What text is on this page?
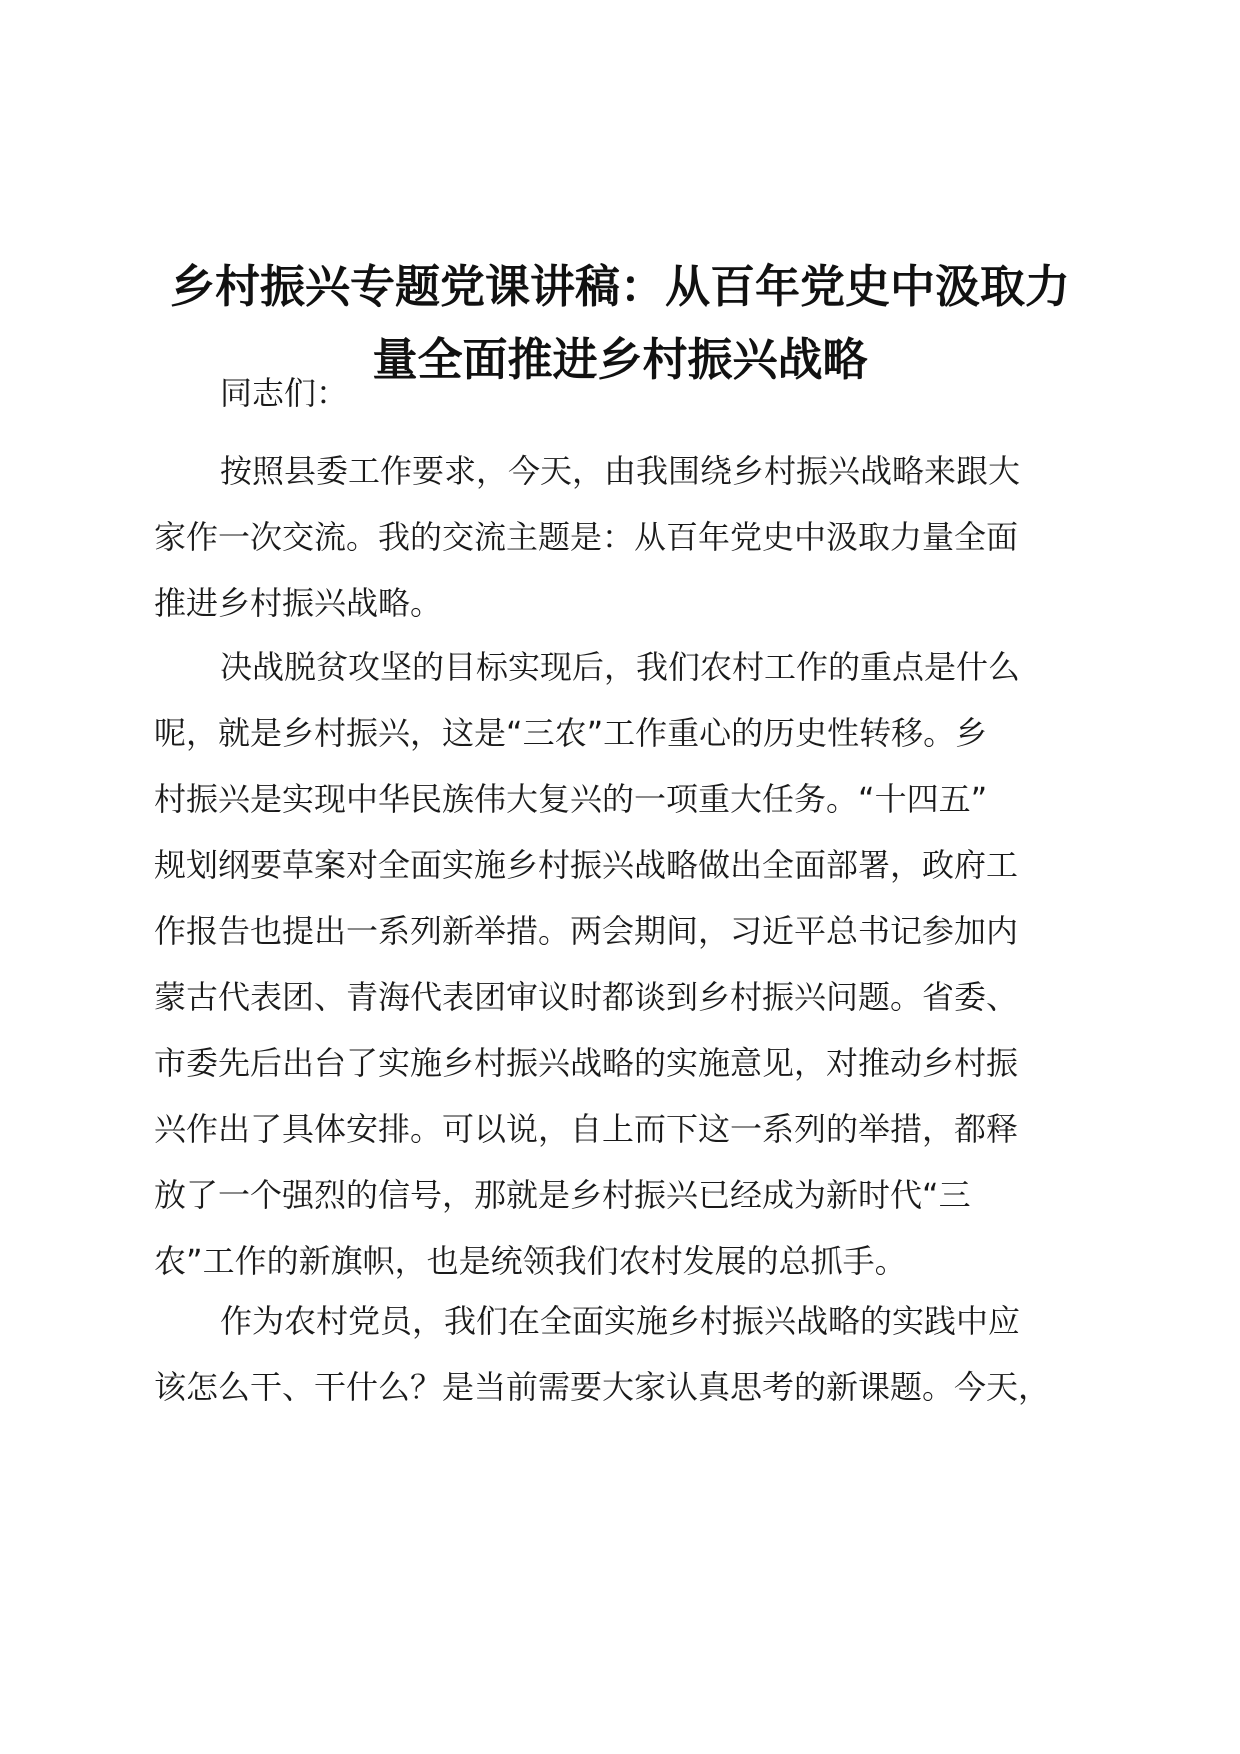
乡村振兴专题党课讲稿：从百年党史中汲取力
量全面推进乡村振兴战略
同志们：
按照县委工作要求，今天，由我围绕乡村振兴战略来跟大
家作一次交流。我的交流主题是：从百年党史中汲取力量全面
推进乡村振兴战略。
决战脱贫攻坚的目标实现后，我们农村工作的重点是什么
呢，就是乡村振兴，这是“三农”工作重心的历史性转移。乡
村振兴是实现中华民族伟大复兴的一项重大任务。“十四五”
规划纲要草案对全面实施乡村振兴战略做出全面部署，政府工
作报告也提出一系列新举措。两会期间，习近平总书记参加内
蒙古代表团、青海代表团审议时都谈到乡村振兴问题。省委、
市委先后出台了实施乡村振兴战略的实施意见，对推动乡村振
兴作出了具体安排。可以说，自上而下这一系列的举措，都释
放了一个强烈的信号，那就是乡村振兴已经成为新时代“三
农”工作的新旗帜，也是统领我们农村发展的总抓手。
作为农村党员，我们在全面实施乡村振兴战略的实践中应
该怎么干、干什么？是当前需要大家认真思考的新课题。今天，
